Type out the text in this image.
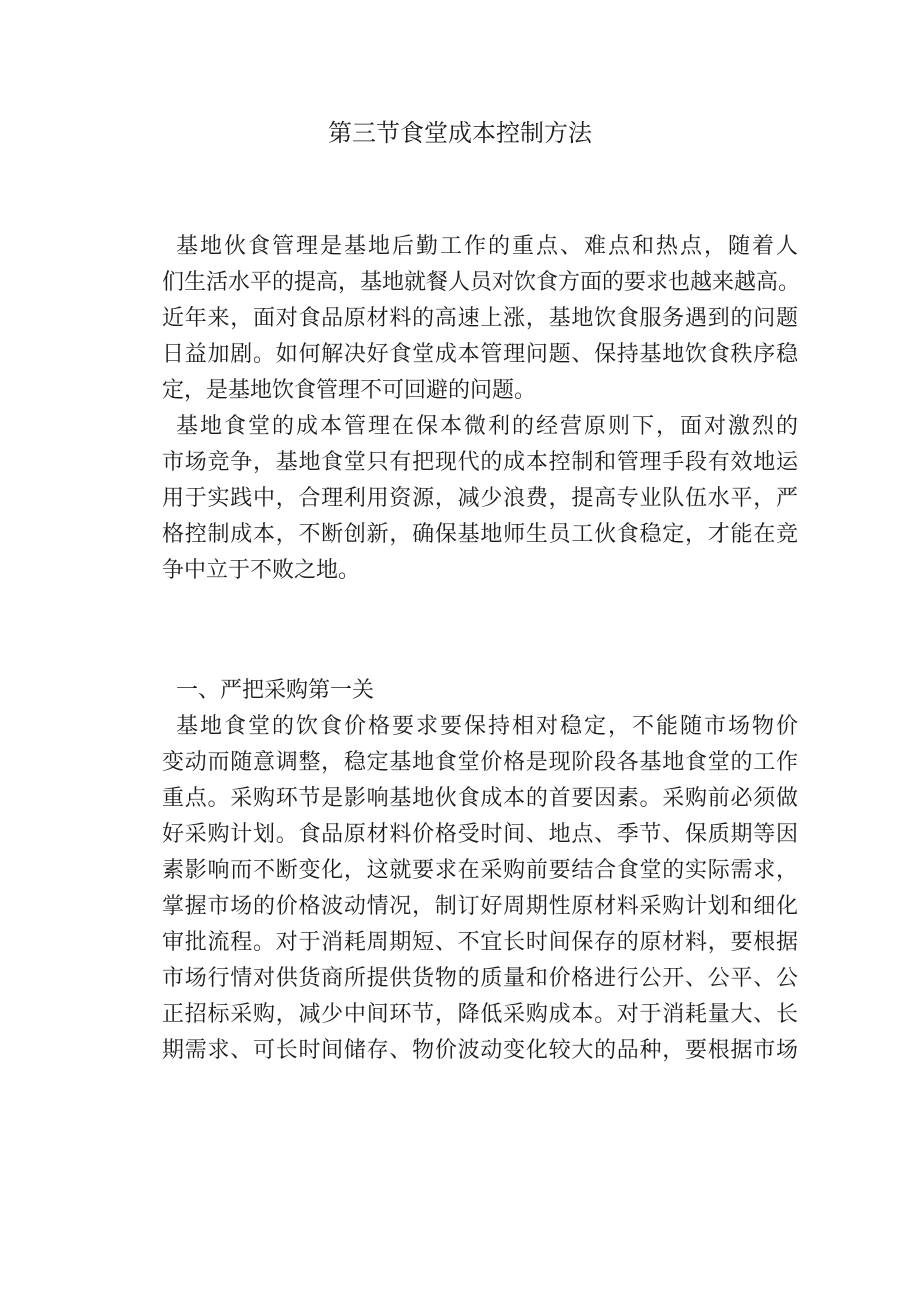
第三节食堂成本控制方法
基地伙食管理是基地后勤工作的重点、难点和热点，随着人
们生活水平的提高，基地就餐人员对饮食方面的要求也越来越高。
近年来，面对食品原材料的高速上涨，基地饮食服务遇到的问题
日益加剧。如何解决好食堂成本管理问题、保持基地饮食秩序稳
定，是基地饮食管理不可回避的问题。
基地食堂的成本管理在保本微利的经营原则下，面对激烈的
市场竞争，基地食堂只有把现代的成本控制和管理手段有效地运
用于实践中，合理利用资源，减少浪费，提高专业队伍水平，严
格控制成本，不断创新，确保基地师生员工伙食稳定，才能在竞
争中立于不败之地。
一、严把采购第一关
基地食堂的饮食价格要求要保持相对稳定，不能随市场物价
变动而随意调整，稳定基地食堂价格是现阶段各基地食堂的工作
重点。采购环节是影响基地伙食成本的首要因素。采购前必须做
好采购计划。食品原材料价格受时间、地点、季节、保质期等因
素影响而不断变化，这就要求在采购前要结合食堂的实际需求，
掌握市场的价格波动情况，制订好周期性原材料采购计划和细化
审批流程。对于消耗周期短、不宜长时间保存的原材料，要根据
市场行情对供货商所提供货物的质量和价格进行公开、公平、公
正招标采购，减少中间环节，降低采购成本。对于消耗量大、长
期需求、可长时间储存、物价波动变化较大的品种，要根据市场
